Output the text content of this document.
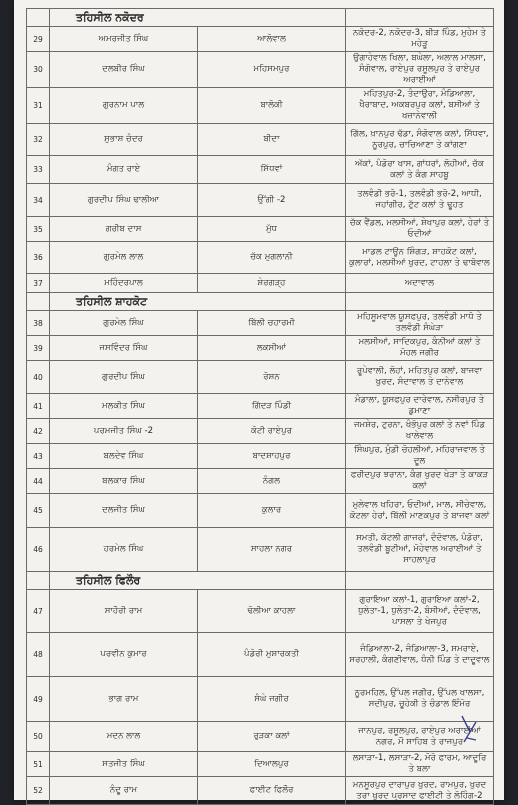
	ਤਹਿਸੀਲ ਨਕੋਦਰ		
29	ਅਮਰਜੀਤ ਸਿੰਘ	ਆਲੋਵਾਲ	ਨਕੋਦਰ-2, ਨਕੋਦਰ-3, ਬੀੜ ਪਿੰਡ, ਮੁਹੇਮ ਤੇ ਮਹੇੜੂ
30	ਦਲਬੀਰ ਸਿੰਘ	ਮਹਿਸਮਪੁਰ	ਉਗਾਹੇਵਾਲ ਖਿਲਾ, ਬਘੇਲਾ, ਅਲਾਲ ਮਾਲਸਾ, ਸੰਗੋਵਾਲ, ਰਾਏਪੁਰ ਰਸੂਲਪੁਰ ਤੇ ਰਾਏਪੁਰ ਅਰਾਈਆਂ
31	ਗੁਰਨਾਮ ਪਾਲ	ਬਾਲੋਕੀ	ਮਹਿਤਪੁਰ-2, ਤੰਦਾਉਰਾ, ਮੰਡਿਆਲਾ, ਖੈਰਾਬਾਦ, ਅਕਬਰਪੁਰ ਕਲਾਂ, ਬਸੀਆਂ ਤੇ ਖਜ਼ਾਨੇਵਾਲੀ
32	ਸੁਭਾਸ਼ ਚੰਦਰ	ਬੀਦਾ	ਗਿੱਲ, ਖ਼ਾਨਪੁਰ ਢੱਡਾ, ਸੰਗੋਵਾਲ ਕਲਾਂ, ਸਿੱਧਵਾ, ਨੂਰਪੁਰ, ਚਾਚਿਆਣਾ ਤੇ ਕਾਂਗਣਾ
33	ਮੰਗਤ ਰਾਏ	ਸਿੱਧਵਾਂ	ਅੱਕਾਂ, ਪੰਡੋਰਾ ਖਾਸ, ਗਾਂਧਰਾਂ, ਲੋਹੀਆਂ, ਚੱਕ ਕਲਾਂ ਤੇ ਕੰਗ ਸਾਹਬੂ
34	ਗੁਰਦੀਪ ਸਿੰਘ ਢਾਲੀਆ	ਉੱਗੀ -2	ਤਲਵੰਡੀ ਭਰੋ-1, ਤਲਵੰਡੀ ਭਰੋ-2, ਆਧੀ, ਜਹਾਂਗੀਰ, ਟੁੱਟ ਕਲਾਂ ਤੇ ਢੂਹਤ
35	ਗਰੀਬ ਦਾਸ	ਮੁੱਧ	ਚੱਕ ਵੈਂਡਲ, ਮਲਸੀਆਂ, ਸ਼ੇਖਾਪੁਰ ਕਲਾਂ, ਹੇਰਾਂ ਤੇ ਓਦੀਆਂ
36	ਗੁਰਮੇਲ ਲਾਲ	ਚੱਕ ਮੁਗਲਾਨੀ	ਮਾਡਲ ਟਾਊਨ ਸ਼ਿੰਗੜ, ਸ਼ਾਹਕੋਟ ਕਲਾਂ, ਕੁਲਾਰਾਂ, ਮਲਸੀਆਂ ਖੁਰਦ, ਟਾਹਲਾ ਤੇ ਢਾਬੋਵਾਲ
37	ਮਹਿੰਦਰਪਾਲ	ਸ਼ੇਰਗੜ੍ਹ	ਅਦਾਵਾਲ
	ਤਹਿਸੀਲ ਸ਼ਾਹਕੋਟ		
38	ਗੁਰਮੇਲ ਸਿੰਘ	ਬਿੱਲੀ ਚਹਾਰਮੀ	ਮਹਿਸੂਮਵਾਲ ਯੂਸਫਪੁਰ, ਤਲਵੰਡੀ ਮਾਧੋ ਤੇ ਤਲਵੰਡੀ ਸੰਘੇੜਾ
39	ਜਸਵਿੰਦਰ ਸਿੰਘ	ਲਕਸੀਆਂ	ਮਲਸੀਆਂ, ਸਾਦਿਕਪੁਰ, ਕੰਨੀਆਂ ਕਲਾਂ ਤੇ ਮੋਹਲ ਜਗੀਰ
40	ਗੁਰਦੀਪ ਸਿੰਘ	ਰੋਸ਼ਨ	ਰੂਪੇਵਾਲੀ, ਲੋਹਾਂ, ਮਹਿਤਪੁਰ ਕਲਾਂ, ਬਾਜਵਾ ਖੁਰਦ, ਸੰਦਾਵਾਲ ਤੇ ਦਾਨੇਵਾਲ
41	ਮਲਕੀਤ ਸਿੰਘ	ਗਿੱਦੜ ਪਿੰਡੀ	ਮੰਡਾਲਾ, ਯੂਸਫਪੁਰ ਦਾਰੇਵਾਲ, ਨਸੀਰਪੁਰ ਤੇ ਡੁਮਾਣਾ
42	ਪਰਮਜੀਤ ਸਿੰਘ -2	ਕੋਟੀ ਰਾਏਪੁਰ	ਜਮਸ਼ੇਰ, ਟੁਰਨਾ, ਖੰਭੋਪੁਰ ਕਲਾਂ ਤੇ ਨਵਾਂ ਪਿੰਡ ਖਾਲੇਵਾਲ
43	ਬਲਦੇਵ ਸਿੰਘ	ਬਾਦਸ਼ਾਹਪੁਰ	ਸਿੰਘਪੁਰ, ਮੁੰਡੀ ਚੋਹਲੀਆਂ, ਮਹਿਰਾਜਵਾਲ ਤੇ ਦੂਲ
44	ਬਲਕਾਰ ਸਿੰਘ	ਨੰਗਲ	ਫਰੀਦਪੁਰ ਝਰਾਨਾ, ਕੰਗ ਖੁਰਦ ਖੇੜਾ ਤੇ ਕਾਕੜ ਕਲਾਂ
45	ਦਲਜੀਤ ਸਿੰਘ	ਕੁਲਾਰ	ਮੁਲੇਵਾਲ ਖਹਿਰਾ, ਓਦੀਆਂ, ਮਾਲ, ਸੀਚੇਵਾਲ, ਕੋਟਲਾ ਹੇਰਾਂ, ਬਿੱਲੀ ਮਾਣਕਪੁਰ ਤੇ ਬਾਜਵਾ ਕਲਾਂ
46	ਹਰਮੇਲ ਸਿੰਘ	ਸਾਹਲਾ ਨਗਰ	ਸਮਤੀ, ਕੋਟਲੀ ਗਾਜਰਾਂ, ਦੰਦੋਵਾਲ, ਪੰਡੋਰਾ, ਤਲਵੰਡੀ ਬੂਟੀਆਂ, ਮੋਹੇਵਾਲ ਅਰਾਈਆਂ ਤੇ ਸਾਹਲਾਪੁਰ
	ਤਹਿਸੀਲ ਫਿਲੌਰ		
47	ਸਾਹੌਰੀ ਰਾਮ	ਢੋਲੀਆ ਕਾਹਲਾ	ਗੁਰਾਇਆ ਕਲਾਂ-1, ਗੁਰਾਇਆ ਕਲਾਂ-2, ਧੁਲੇਤਾ-1, ਧੁਲੇਤਾ-2, ਬੰਸੀਆਂ, ਦੰਦੋਵਾਲ, ਪਾਸਲਾ ਤੇ ਖੇਜਪੁਰ
48	ਪਰਵੀਨ ਕੁਮਾਰ	ਪੰਡੋਰੀ ਮੁਸ਼ਾਰਕਤੀ	ਜੰਡਿਆਲਾ-2, ਜੰਡਿਆਲਾ-3, ਸਮਰਾਏ, ਸਰਹਾਲੀ, ਕੰਗਣੀਵਾਲ, ਧੰਨੀ ਪਿੰਡ ਤੇ ਦਾਦੂਵਾਲ
49	ਭਾਗ ਰਾਮ	ਸੰਘੇ ਜਗੀਰ	ਨੂਰਮਹਿਲ, ਉੱਪਲ ਜਗੀਰ, ਉੱਪਲ ਖਾਲਸਾ, ਸਦੀਪੁਰ, ਚੂਹੇਕੀ ਤੇ ਚੰਡਾਲ ਇੰਮੋਰ
50	ਮਦਨ ਲਾਲ	ਰੁੜਕਾ ਕਲਾਂ	ਜਾਨਪੁਰ, ਰਸੂਲਪੁਰ, ਰਾਏਪੁਰ ਅਰਾਈਆਂ ਨਗਰ, ਮੌ ਸਾਹਿਬ ਤੇ ਰਾਜਪੁਰ
51	ਸਤਜੀਤ ਸਿੰਘ	ਦਿਆਲਪੁਰ	ਲਸਾੜਾ-1, ਲਸਾੜਾ-2, ਮੋਰੋ ਫਾਰਮ, ਆਦੂਰਿ ਤੇ ਬਲਾ
52	ਨੰਦੂ ਰਾਮ	ਫਾਈਟ ਫਿਲੌਰ	ਮਨਸੂਰਪੁਰ ਦਾਰਾਪੁਰ ਖੁਰਦ, ਰਾਮਪੁਰ, ਖੁਰਦ ਤਰਾ ਖੁਰਦ ਪ੍ਰਸਾਦ ਫਾਈਟੀ ਤੇ ਲੋਹਿੰਗ-2
